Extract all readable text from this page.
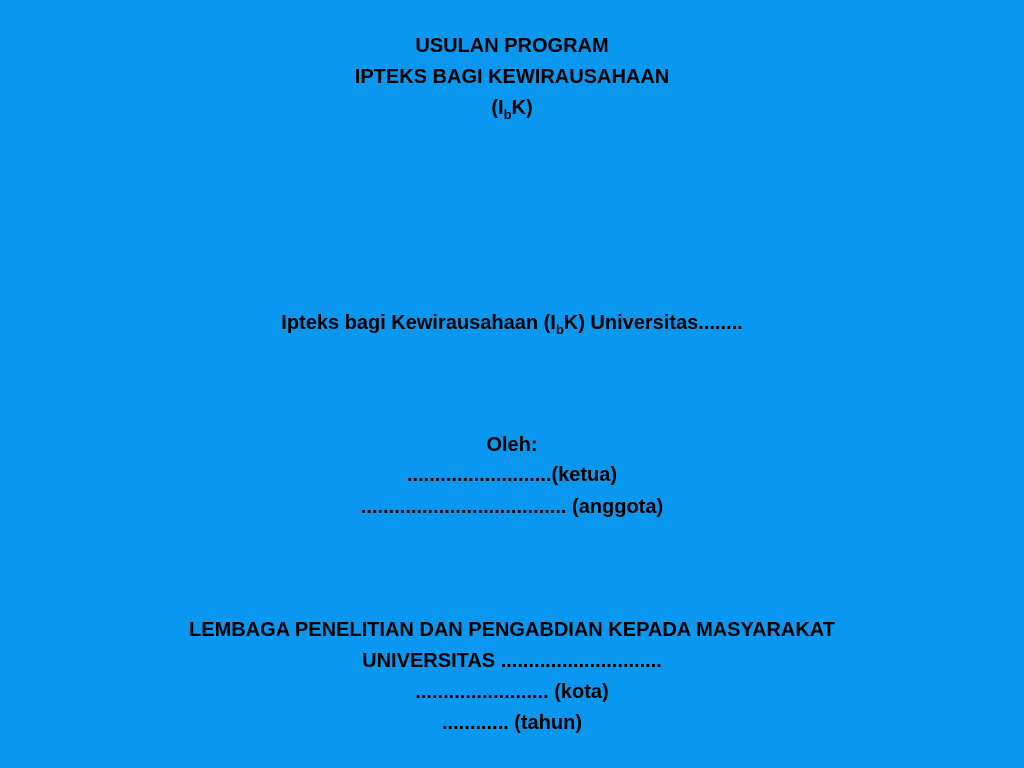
USULAN PROGRAM
IPTEKS BAGI KEWIRAUSAHAAN
$(I_bK)$
Ipteks bagi Kewirausahaan $(I_bK)$ Universitas........
Oleh:
..........................(ketua)
..................................... (anggota)
LEMBAGA PENELITIAN DAN PENGABDIAN KEPADA MASYARAKAT
UNIVERSITAS .............................
........................ (kota)
............ (tahun)
